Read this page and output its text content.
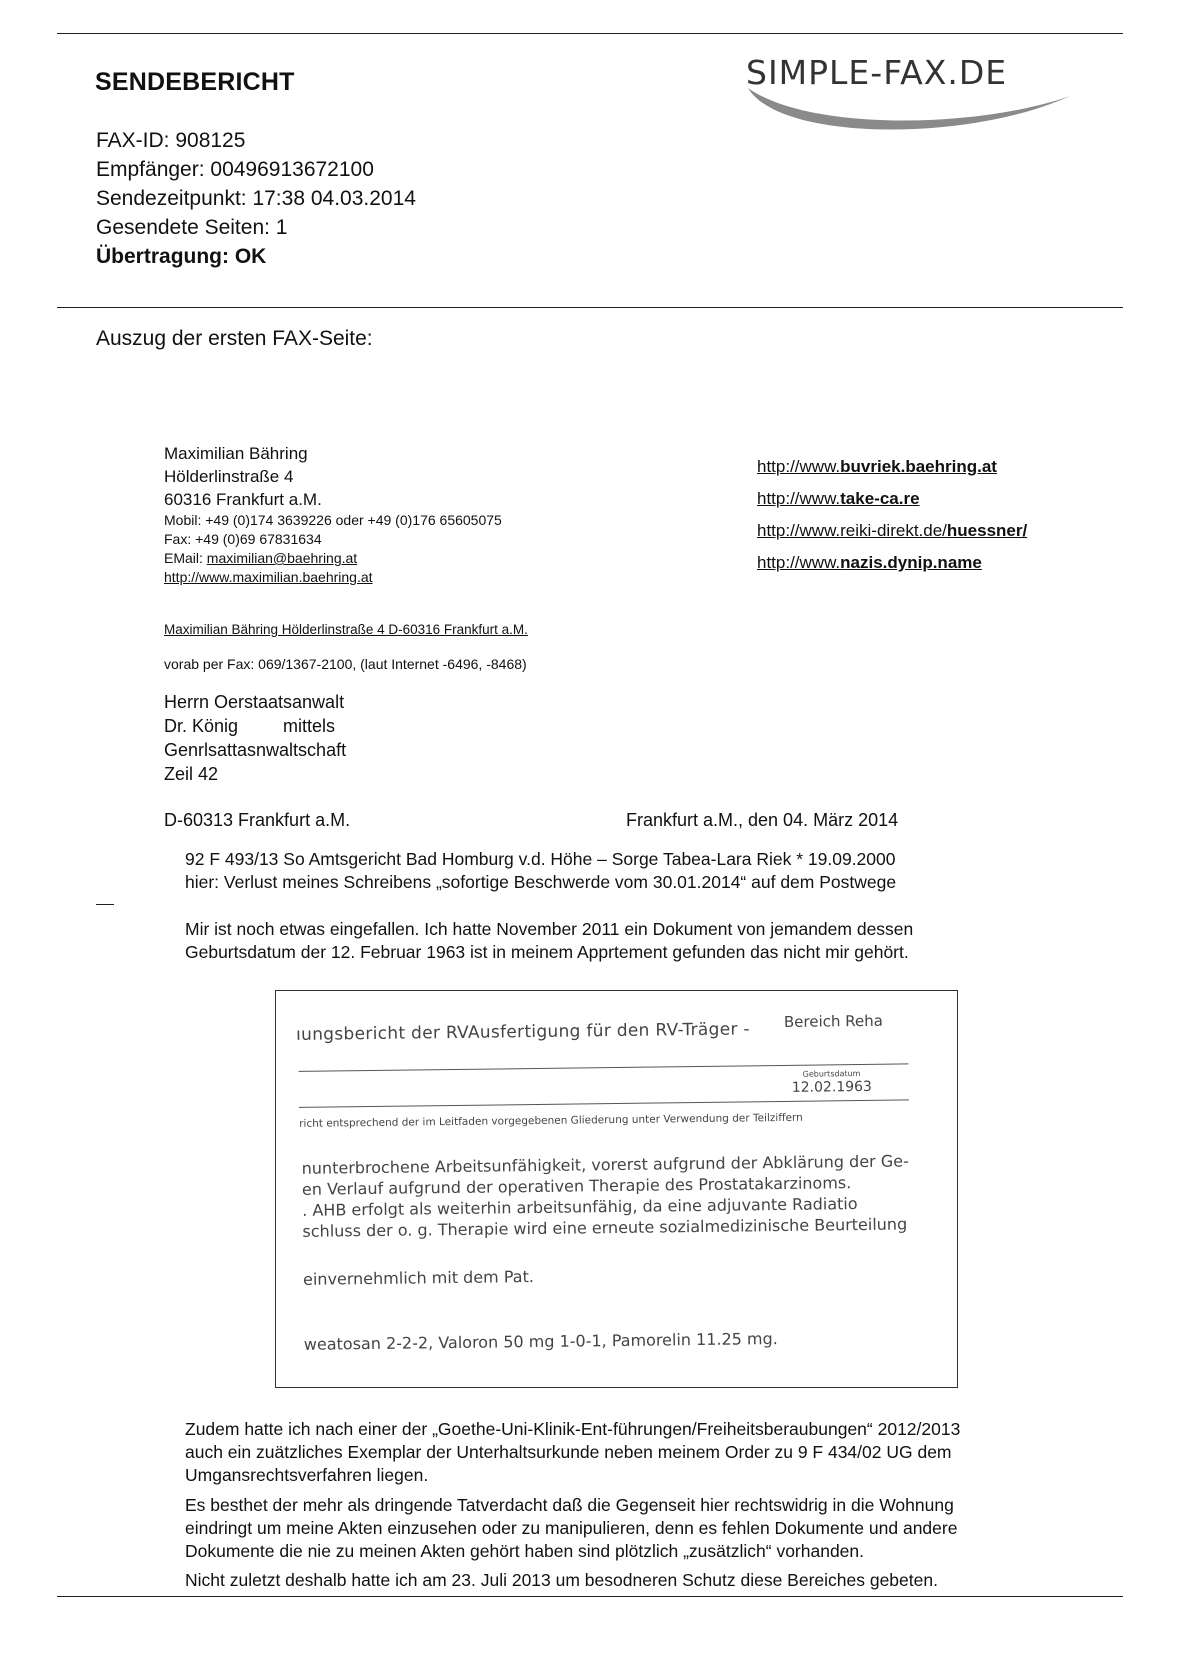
SENDEBERICHT	SIMPLE-FAX.DE
FAX-ID: 908125
Empfänger: 00496913672100
Sendezeitpunkt: 17:38 04.03.2014
Gesendete Seiten: 1
Übertragung: OK
Auszug der ersten FAX-Seite:
Maximilian Bähring
Hölderlinstraße 4
60316 Frankfurt a.M.
Mobil: +49 (0)174 3639226 oder +49 (0)176 65605075
Fax: +49 (0)69 67831634
EMail: maximilian@baehring.at
http://www.maximilian.baehring.at
http://www.buvriek.baehring.at
http://www.take-ca.re
http://www.reiki-direkt.de/huessner/
http://www.nazis.dynip.name
Maximilian Bähring Hölderlinstraße 4 D-60316 Frankfurt a.M.
vorab per Fax: 069/1367-2100, (laut Internet -6496, -8468)
Herrn Oerstaatsanwalt
Dr. König         mittels
Genrlsattasnwaltschaft
Zeil 42
D-60313 Frankfurt a.M.	Frankfurt a.M., den 04. März 2014
92 F 493/13 So Amtsgericht Bad Homburg v.d. Höhe – Sorge Tabea-Lara Riek * 19.09.2000
hier: Verlust meines Schreibens „sofortige Beschwerde vom 30.01.2014“ auf dem Postwege
Mir ist noch etwas eingefallen. Ich hatte November 2011 ein Dokument von jemandem dessen
Geburtsdatum der 12. Februar 1963 ist in meinem Apprtement gefunden das nicht mir gehört.
ıungsbericht der RVAusfertigung für den RV-Träger - Bereich Reha
Geburtsdatum
12.02.1963
richt entsprechend der im Leitfaden vorgegebenen Gliederung unter Verwendung der Teilziffern
nunterbrochene Arbeitsunfähigkeit, vorerst aufgrund der Abklärung der Ge-
en Verlauf aufgrund der operativen Therapie des Prostatakarzinoms.
. AHB erfolgt als weiterhin arbeitsunfähig, da eine adjuvante Radiatio
schluss der o. g. Therapie wird eine erneute sozialmedizinische Beurteilung
einvernehmlich mit dem Pat.
weatosan 2-2-2, Valoron 50 mg 1-0-1, Pamorelin 11.25 mg.
Zudem hatte ich nach einer der „Goethe-Uni-Klinik-Ent-führungen/Freiheitsberaubungen“ 2012/2013
auch ein zuätzliches Exemplar der Unterhaltsurkunde neben meinem Order zu 9 F 434/02 UG dem
Umgansrechtsverfahren liegen.
Es besthet der mehr als dringende Tatverdacht daß die Gegenseit hier rechtswidrig in die Wohnung
eindringt um meine Akten einzusehen oder zu manipulieren, denn es fehlen Dokumente und andere
Dokumente die nie zu meinen Akten gehört haben sind plötzlich „zusätzlich“ vorhanden.
Nicht zuletzt deshalb hatte ich am 23. Juli 2013 um besodneren Schutz diese Bereiches gebeten.
